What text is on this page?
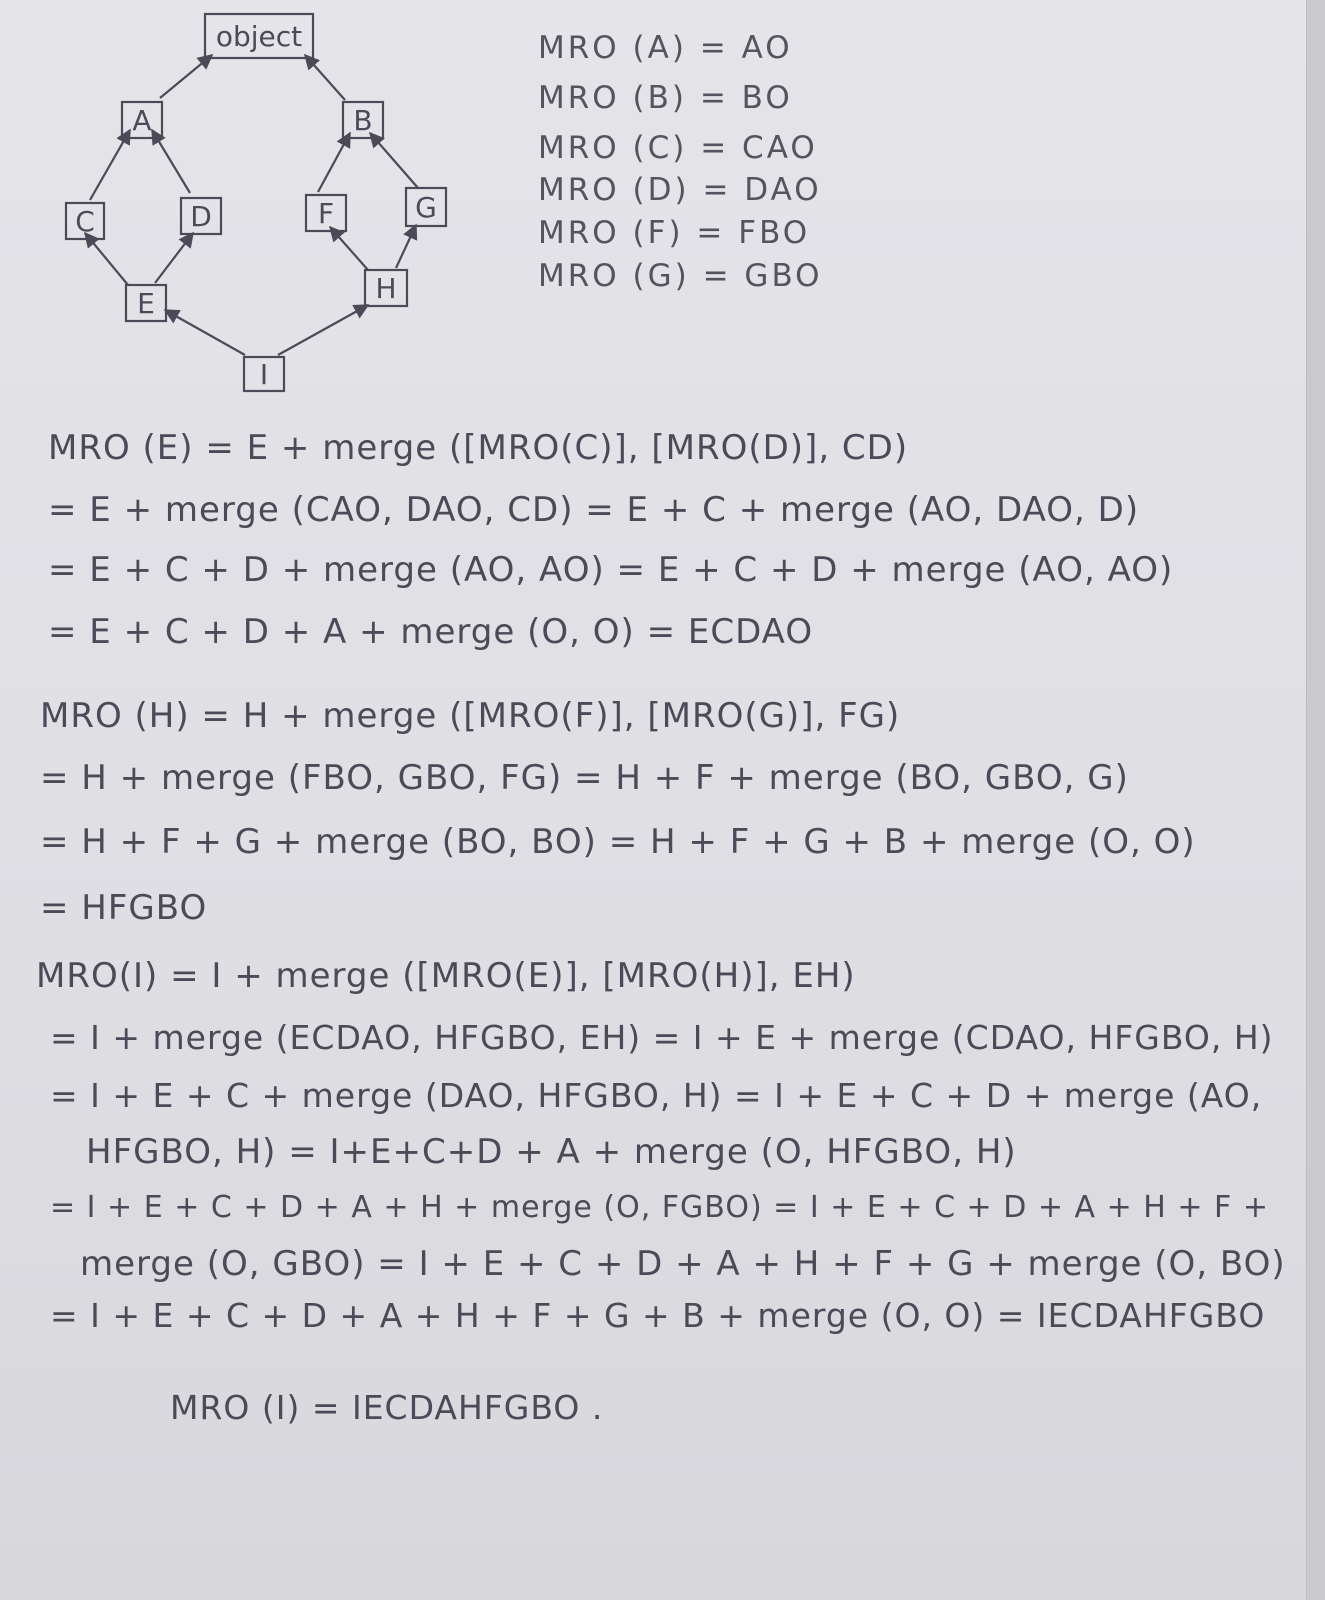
object
A	B
C	D	F	G
E	H
I
MRO (A) = AO
MRO (B) = BO
MRO (C) = CAO
MRO (D) = DAO
MRO (F) = FBO
MRO (G) = GBO
MRO (E) = E + merge ([MRO(C)], [MRO(D)], CD)
= E + merge (CAO, DAO, CD) = E + C + merge (AO, DAO, D)
= E + C + D + merge (AO, AO) = E + C + D + merge (AO, AO)
= E + C + D + A + merge (O, O) = ECDAO
MRO (H) = H + merge ([MRO(F)], [MRO(G)], FG)
= H + merge (FBO, GBO, FG) = H + F + merge (BO, GBO, G)
= H + F + G + merge (BO, BO) = H + F + G + B + merge (O, O)
= HFGBO
MRO(I) = I + merge ([MRO(E)], [MRO(H)], EH)
= I + merge (ECDAO, HFGBO, EH) = I + E + merge (CDAO, HFGBO, H)
= I + E + C + merge (DAO, HFGBO, H) = I + E + C + D + merge (AO,
HFGBO, H) = I+E+C+D + A + merge (O, HFGBO, H)
= I + E + C + D + A + H + merge (O, FGBO) = I + E + C + D + A + H + F +
merge (O, GBO) = I + E + C + D + A + H + F + G + merge (O, BO)
= I + E + C + D + A + H + F + G + B + merge (O, O) = IECDAHFGBO
MRO (I) = IECDAHFGBO .
